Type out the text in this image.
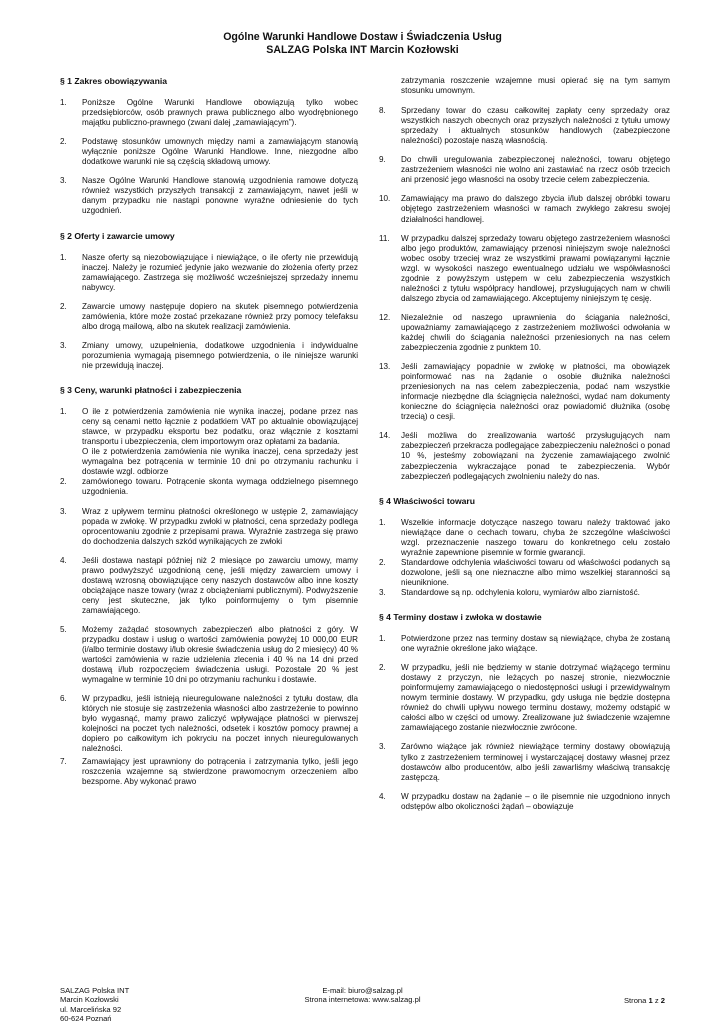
Ogólne Warunki Handlowe Dostaw i Świadczenia Usług
SALZAG Polska INT Marcin Kozłowski
§ 1 Zakres obowiązywania
1.	Poniższe Ogólne Warunki Handlowe obowiązują tylko wobec przedsiębiorców, osób prawnych prawa publicznego albo wyodrębnionego majątku publiczno-prawnego (zwani dalej „zamawiającym”).

2.	Podstawę stosunków umownych między nami a zamawiającym stanowią wyłącznie poniższe Ogólne Warunki Handlowe. Inne, niezgodne albo dodatkowe warunki nie są częścią składową umowy.

3.	Nasze Ogólne Warunki Handlowe stanowią uzgodnienia ramowe dotyczą również wszystkich przyszłych transakcji z zamawiającym, nawet jeśli w danym przypadku nie nastąpi ponowne wyraźne odniesienie do tych uzgodnień.

§ 2 Oferty i zawarcie umowy
1.	Nasze oferty są niezobowiązujące i niewiążące, o ile oferty nie przewidują inaczej. Należy je rozumieć jedynie jako wezwanie do złożenia oferty przez zamawiającego. Zastrzega się możliwość wcześniejszej sprzedaży innemu nabywcy.

2.	Zawarcie umowy następuje dopiero na skutek pisemnego potwierdzenia zamówienia, które może zostać przekazane również przy pomocy telefaksu albo drogą mailową, albo na skutek realizacji zamówienia.

3.	Zmiany umowy, uzupełnienia, dodatkowe uzgodnienia i indywidualne porozumienia wymagają pisemnego potwierdzenia, o ile niniejsze warunki nie przewidują inaczej.

§ 3 Ceny, warunki płatności i zabezpieczenia
1.	O ile z potwierdzenia zamówienia nie wynika inaczej, podane przez nas ceny są cenami netto łącznie z podatkiem VAT po aktualnie obowiązującej stawce, w przypadku eksportu bez podatku, oraz włącznie z kosztami transportu i ubezpieczenia, cłem importowym oraz opłatami za badania.

O ile z potwierdzenia zamówienia nie wynika inaczej, cena sprzedaży jest wymagalna bez potrącenia w terminie 10 dni po otrzymaniu rachunku i dostawie wzgl. odbiorze

2.	zamówionego towaru. Potrącenie skonta wymaga oddzielnego pisemnego uzgodnienia.

3.	Wraz z upływem terminu płatności określonego w ustępie 2, zamawiający popada w zwłokę. W przypadku zwłoki w płatności, cena sprzedaży podlega oprocentowaniu zgodnie z przepisami prawa. Wyraźnie zastrzega się prawo do dochodzenia dalszych szkód wynikających ze zwłoki

4.	Jeśli dostawa nastąpi później niż 2 miesiące po zawarciu umowy, mamy prawo podwyższyć uzgodnioną cenę, jeśli między zawarciem umowy i dostawą wzrosną obowiązujące ceny naszych dostawców albo inne koszty obciążające nasze towary (wraz z obciążeniami publicznymi). Podwyższenie ceny jest skuteczne, jak tylko poinformujemy o tym pisemnie zamawiającego.

5.	Możemy zażądać stosownych zabezpieczeń albo płatności z góry. W przypadku dostaw i usług o wartości zamówienia powyżej 10 000,00 EUR (i/albo terminie dostawy i/lub okresie świadczenia usług do 2 miesięcy) 40 % wartości zamówienia w razie udzielenia zlecenia i 40 % na 14 dni przed dostawą i/lub rozpoczęciem świadczenia usługi. Pozostałe 20 % jest wymagalne w terminie 10 dni po otrzymaniu rachunku i dostawie.

6.	W przypadku, jeśli istnieją nieuregulowane należności z tytułu dostaw, dla których nie stosuje się zastrzeżenia własności albo zastrzeżenie to powinno było wygasnąć, mamy prawo zaliczyć wpływające płatności w pierwszej kolejności na poczet tych należności, odsetek i kosztów pomocy prawnej a dopiero po całkowitym ich pokryciu na poczet innych nieuregulowanych należności.

7.	Zamawiający jest uprawniony do potrącenia i zatrzymania tylko, jeśli jego roszczenia wzajemne są stwierdzone prawomocnym orzeczeniem albo bezsporne. Aby wykonać prawo

zatrzymania roszczenie wzajemne musi opierać się na tym samym stosunku umownym.

8.	Sprzedany towar do czasu całkowitej zapłaty ceny sprzedaży oraz wszystkich naszych obecnych oraz przyszłych należności z tytułu umowy sprzedaży i aktualnych stosunków handlowych (zabezpieczone należności) pozostaje naszą własnością.

9.	Do chwili uregulowania zabezpieczonej należności, towaru objętego zastrzeżeniem własności nie wolno ani zastawiać na rzecz osób trzecich ani przenosić jego własności na osoby trzecie celem zabezpieczenia.

10.	Zamawiający ma prawo do dalszego zbycia i/lub dalszej obróbki towaru objętego zastrzeżeniem własności w ramach zwykłego zakresu swojej działalności handlowej.

11.	W przypadku dalszej sprzedaży towaru objętego zastrzeżeniem własności albo jego produktów, zamawiający przenosi niniejszym swoje należności wobec osoby trzeciej wraz ze wszystkimi prawami powiązanymi łącznie wzgl. w wysokości naszego ewentualnego udziału we współwłasności zgodnie z powyższym ustępem w celu zabezpieczenia wszystkich należności z tytułu współpracy handlowej, przysługujących nam w chwili dalszego zbycia od zamawiającego. Akceptujemy niniejszym tę cesję.

12.	Niezależnie od naszego uprawnienia do ściągania należności, upoważniamy zamawiającego z zastrzeżeniem możliwości odwołania w każdej chwili do ściągania należności przeniesionych na nas celem zabezpieczenia zgodnie z punktem 10.

13.	Jeśli zamawiający popadnie w zwłokę w płatności, ma obowiązek poinformować nas na żądanie o osobie dłużnika należności przeniesionych na nas celem zabezpieczenia, podać nam wszystkie informacje niezbędne dla ściągnięcia należności, wydać nam dokumenty konieczne do ściągnięcia należności oraz powiadomić dłużnika (osobę trzecią) o cesji.

14.	Jeśli możliwa do zrealizowania wartość przysługujących nam zabezpieczeń przekracza podlegające zabezpieczeniu należności o ponad 10 %, jesteśmy zobowiązani na życzenie zamawiającego zwolnić zabezpieczenia wykraczające ponad te zabezpieczenia. Wybór zabezpieczeń podlegających zwolnieniu należy do nas.

§ 4 Właściwości towaru
1.	Wszelkie informacje dotyczące naszego towaru należy traktować jako niewiążące dane o cechach towaru, chyba że szczególne właściwości wzgl. przeznaczenie naszego towaru do konkretnego celu zostało wyraźnie zapewnione pisemnie w formie gwarancji.

2.	Standardowe odchylenia właściwości towaru od właściwości podanych są dozwolone, jeśli są one nieznaczne albo mimo wszelkiej staranności są nieuniknione.

3.	Standardowe są np. odchylenia koloru, wymiarów albo ziarnistość.

§ 4 Terminy dostaw i zwłoka w dostawie
1.	Potwierdzone przez nas terminy dostaw są niewiążące, chyba że zostaną one wyraźnie określone jako wiążące.

2.	W przypadku, jeśli nie będziemy w stanie dotrzymać wiążącego terminu dostawy z przyczyn, nie leżących po naszej stronie, niezwłocznie poinformujemy zamawiającego o niedostępności usługi i przewidywalnym nowym terminie dostawy. W przypadku, gdy usługa nie będzie dostępna również do chwili upływu nowego terminu dostawy, możemy odstąpić w całości albo w części od umowy. Zrealizowane już świadczenie wzajemne zamawiającego zostanie niezwłocznie zwrócone.

3.	Zarówno wiążące jak również niewiążące terminy dostawy obowiązują tylko z zastrzeżeniem terminowej i wystarczającej dostawy własnej przez dostawców albo producentów, albo jeśli zawarliśmy właściwą transakcję zastępczą.

4.	W przypadku dostaw na żądanie – o ile pisemnie nie uzgodniono innych odstępów albo okoliczności żądań – obowiązuje

SALZAG Polska INT
Marcin Kozłowski
ul. Marcelińska 92
60-624 Poznań
E-mail: biuro@salzag.pl
Strona internetowa: www.salzag.pl	Strona 1 z 2
